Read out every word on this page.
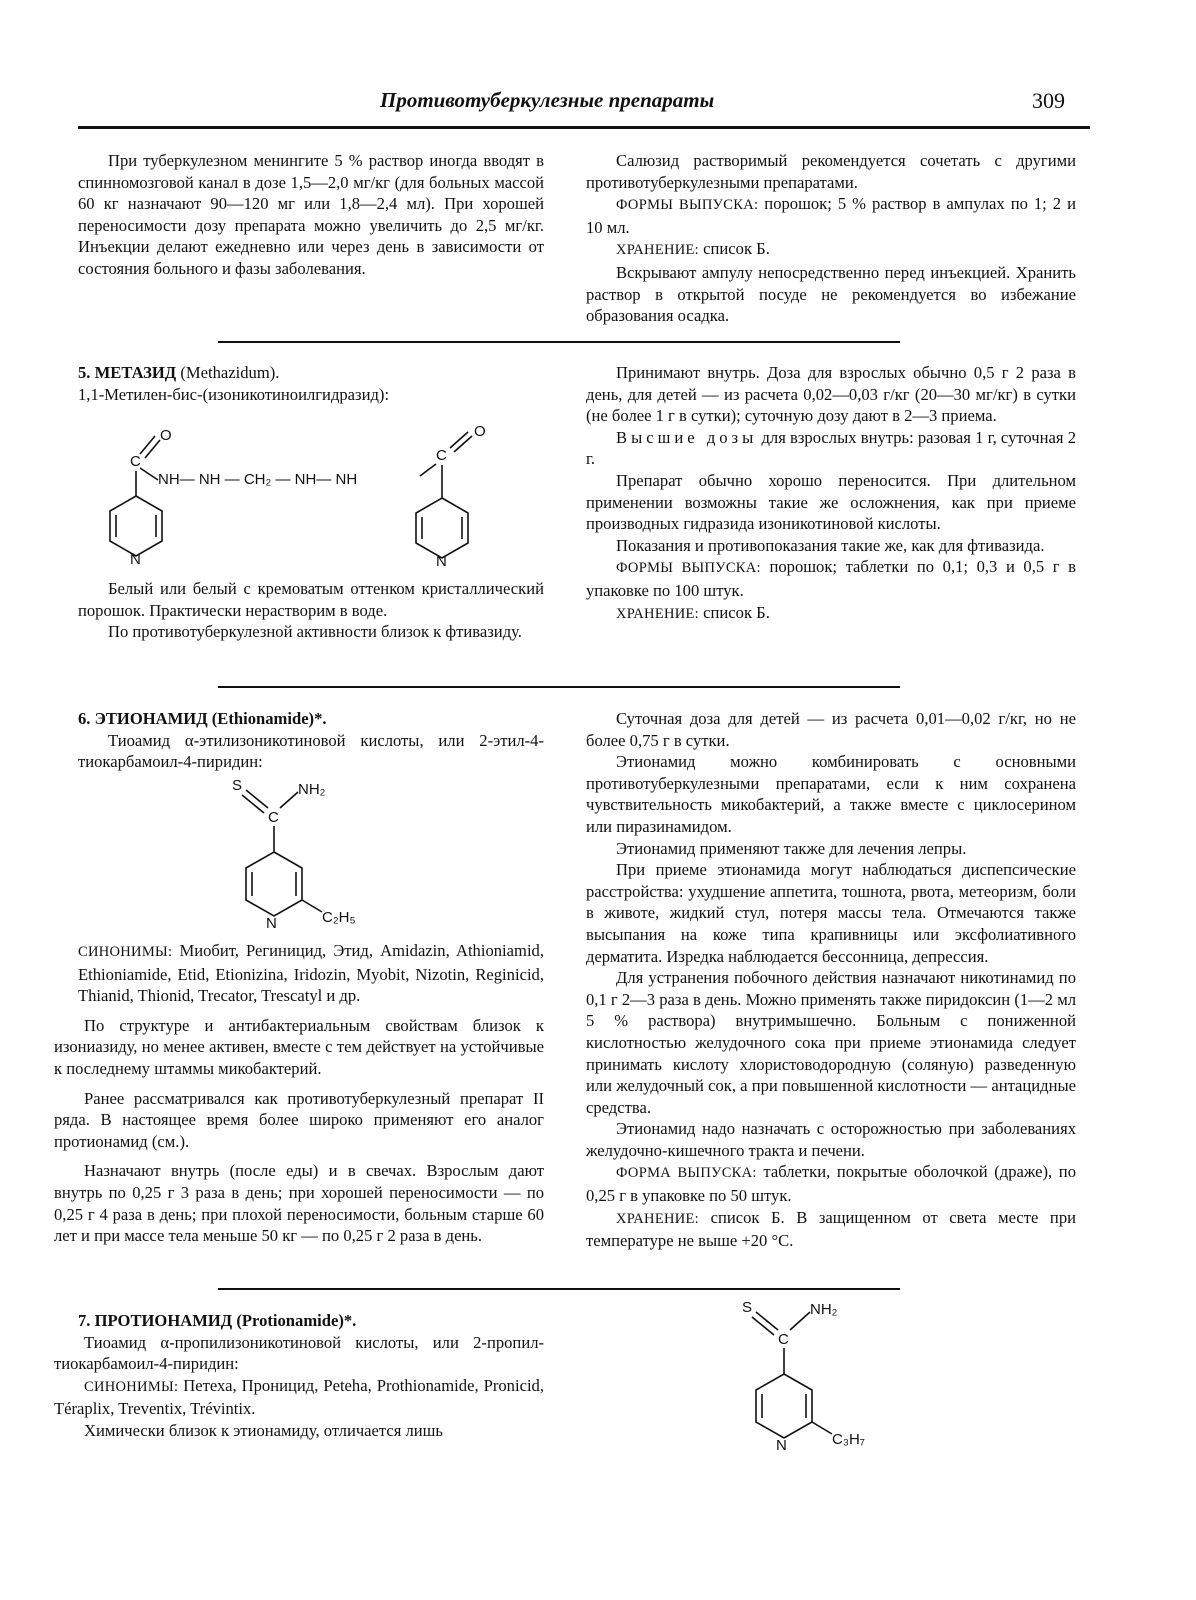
Противотуберкулезные препараты	309

При туберкулезном менингите 5 % раствор иногда вводят в спинномозговой канал в дозе 1,5—2,0 мг/кг (для больных массой 60 кг назначают 90—120 мг или 1,8—2,4 мл). При хорошей переносимости дозу препарата можно увеличить до 2,5 мг/кг. Инъекции делают ежедневно или через день в зависимости от состояния больного и фазы заболевания.

Салюзид растворимый рекомендуется сочетать с другими противотуберкулезными препаратами.

ФОРМЫ ВЫПУСКА: порошок; 5 % раствор в ампулах по 1; 2 и 10 мл.

ХРАНЕНИЕ: список Б.

Вскрывают ампулу непосредственно перед инъекцией. Хранить раствор в открытой посуде не рекомендуется во избежание образования осадка.

5. МЕТАЗИД (Methazidum).

1,1-Метилен-бис-(изоникотиноилгидразид):

O
C
NH— NH — CH₂ — NH— NH
N
O
C
N

Белый или белый с кремоватым оттенком кристаллический порошок. Практически нерастворим в воде.

По противотуберкулезной активности близок к фтивазиду.

Принимают внутрь. Доза для взрослых обычно 0,5 г 2 раза в день, для детей — из расчета 0,02—0,03 г/кг (20—30 мг/кг) в сутки (не более 1 г в сутки); суточную дозу дают в 2—3 приема.

Высшие дозы для взрослых внутрь: разовая 1 г, суточная 2 г.

Препарат обычно хорошо переносится. При длительном применении возможны такие же осложнения, как при приеме производных гидразида изоникотиновой кислоты.

Показания и противопоказания такие же, как для фтивазида.

ФОРМЫ ВЫПУСКА: порошок; таблетки по 0,1; 0,3 и 0,5 г в упаковке по 100 штук.

ХРАНЕНИЕ: список Б.

6. ЭТИОНАМИД (Ethionamide)*.

Тиоамид α-этилизоникотиновой кислоты, или 2-этил-4-тиокарбамоил-4-пиридин:

S	NH₂
C
N	C₂H₅

СИНОНИМЫ: Миобит, Региницид, Этид, Amidazin, Athioniamid, Ethioniamide, Etid, Etionizina, Iridozin, Myobit, Nizotin, Reginicid, Thianid, Thionid, Trecator, Trescatyl и др.

По структуре и антибактериальным свойствам близок к изониазиду, но менее активен, вместе с тем действует на устойчивые к последнему штаммы микобактерий.

Ранее рассматривался как противотуберкулезный препарат II ряда. В настоящее время более широко применяют его аналог протионамид (см.).

Назначают внутрь (после еды) и в свечах. Взрослым дают внутрь по 0,25 г 3 раза в день; при хорошей переносимости — по 0,25 г 4 раза в день; при плохой переносимости, больным старше 60 лет и при массе тела меньше 50 кг — по 0,25 г 2 раза в день.

Суточная доза для детей — из расчета 0,01—0,02 г/кг, но не более 0,75 г в сутки.

Этионамид можно комбинировать с основными противотуберкулезными препаратами, если к ним сохранена чувствительность микобактерий, а также вместе с циклосерином или пиразинамидом.

Этионамид применяют также для лечения лепры.

При приеме этионамида могут наблюдаться диспепсические расстройства: ухудшение аппетита, тошнота, рвота, метеоризм, боли в животе, жидкий стул, потеря массы тела. Отмечаются также высыпания на коже типа крапивницы или эксфолиативного дерматита. Изредка наблюдается бессонница, депрессия.

Для устранения побочного действия назначают никотинамид по 0,1 г 2—3 раза в день. Можно применять также пиридоксин (1—2 мл 5 % раствора) внутримышечно. Больным с пониженной кислотностью желудочного сока при приеме этионамида следует принимать кислоту хлористоводородную (соляную) разведенную или желудочный сок, а при повышенной кислотности — антацидные средства.

Этионамид надо назначать с осторожностью при заболеваниях желудочно-кишечного тракта и печени.

ФОРМА ВЫПУСКА: таблетки, покрытые оболочкой (драже), по 0,25 г в упаковке по 50 штук.

ХРАНЕНИЕ: список Б. В защищенном от света месте при температуре не выше +20 °С.

7. ПРОТИОНАМИД (Protionamide)*.

Тиоамид α-пропилизоникотиновой кислоты, или 2-пропил-тиокарбамоил-4-пиридин:

СИНОНИМЫ: Петеха, Проницид, Peteha, Prothionamide, Pronicid, Téraplix, Treventix, Trévintix.

Химически близок к этионамиду, отличается лишь

S	NH₂
C
N	C₃H₇
